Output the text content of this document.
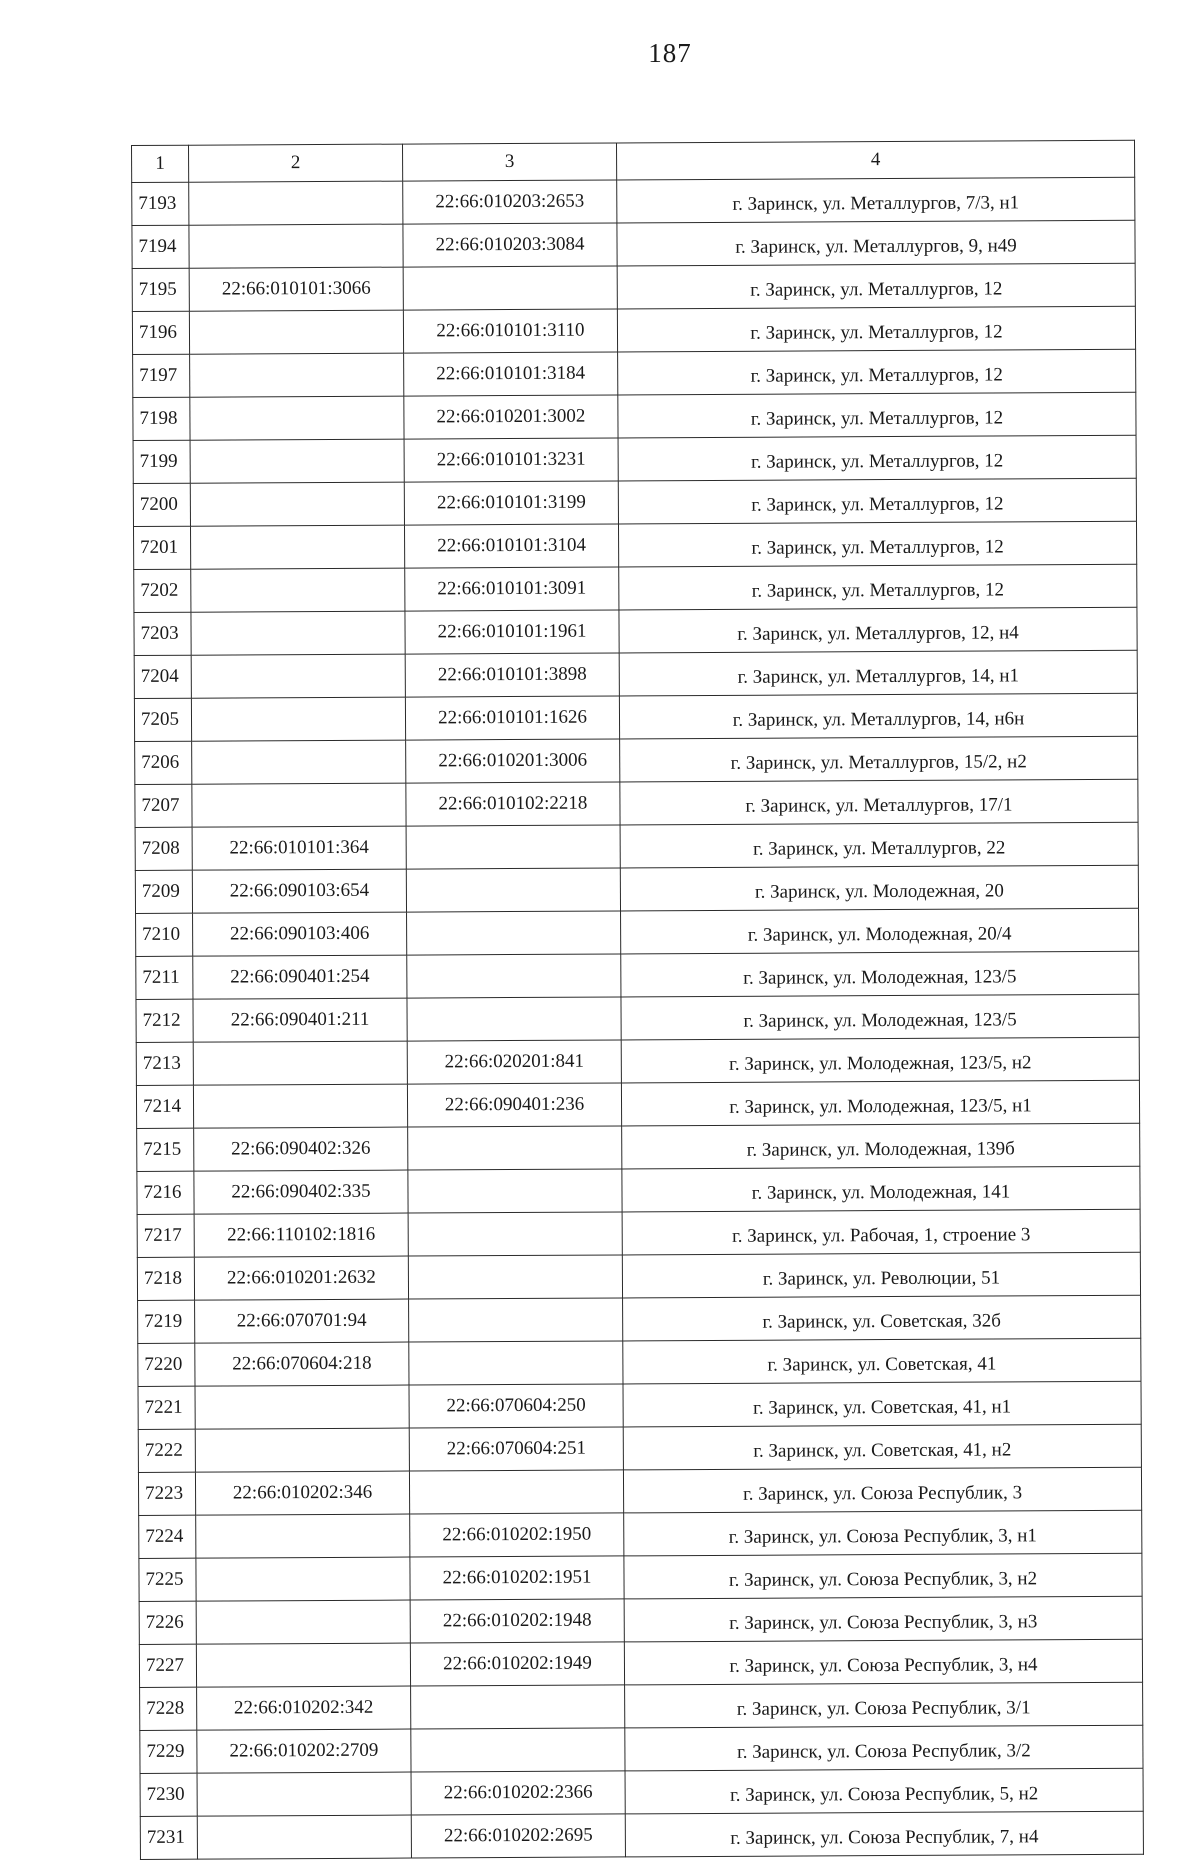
187
1	2	3	4
7193		22:66:010203:2653	г. Заринск, ул. Металлургов, 7/3, н1
7194		22:66:010203:3084	г. Заринск, ул. Металлургов, 9, н49
7195	22:66:010101:3066		г. Заринск, ул. Металлургов, 12
7196		22:66:010101:3110	г. Заринск, ул. Металлургов, 12
7197		22:66:010101:3184	г. Заринск, ул. Металлургов, 12
7198		22:66:010201:3002	г. Заринск, ул. Металлургов, 12
7199		22:66:010101:3231	г. Заринск, ул. Металлургов, 12
7200		22:66:010101:3199	г. Заринск, ул. Металлургов, 12
7201		22:66:010101:3104	г. Заринск, ул. Металлургов, 12
7202		22:66:010101:3091	г. Заринск, ул. Металлургов, 12
7203		22:66:010101:1961	г. Заринск, ул. Металлургов, 12, н4
7204		22:66:010101:3898	г. Заринск, ул. Металлургов, 14, н1
7205		22:66:010101:1626	г. Заринск, ул. Металлургов, 14, н6н
7206		22:66:010201:3006	г. Заринск, ул. Металлургов, 15/2, н2
7207		22:66:010102:2218	г. Заринск, ул. Металлургов, 17/1
7208	22:66:010101:364		г. Заринск, ул. Металлургов, 22
7209	22:66:090103:654		г. Заринск, ул. Молодежная, 20
7210	22:66:090103:406		г. Заринск, ул. Молодежная, 20/4
7211	22:66:090401:254		г. Заринск, ул. Молодежная, 123/5
7212	22:66:090401:211		г. Заринск, ул. Молодежная, 123/5
7213		22:66:020201:841	г. Заринск, ул. Молодежная, 123/5, н2
7214		22:66:090401:236	г. Заринск, ул. Молодежная, 123/5, н1
7215	22:66:090402:326		г. Заринск, ул. Молодежная, 139б
7216	22:66:090402:335		г. Заринск, ул. Молодежная, 141
7217	22:66:110102:1816		г. Заринск, ул. Рабочая, 1, строение 3
7218	22:66:010201:2632		г. Заринск, ул. Революции, 51
7219	22:66:070701:94		г. Заринск, ул. Советская, 32б
7220	22:66:070604:218		г. Заринск, ул. Советская, 41
7221		22:66:070604:250	г. Заринск, ул. Советская, 41, н1
7222		22:66:070604:251	г. Заринск, ул. Советская, 41, н2
7223	22:66:010202:346		г. Заринск, ул. Союза Республик, 3
7224		22:66:010202:1950	г. Заринск, ул. Союза Республик, 3, н1
7225		22:66:010202:1951	г. Заринск, ул. Союза Республик, 3, н2
7226		22:66:010202:1948	г. Заринск, ул. Союза Республик, 3, н3
7227		22:66:010202:1949	г. Заринск, ул. Союза Республик, 3, н4
7228	22:66:010202:342		г. Заринск, ул. Союза Республик, 3/1
7229	22:66:010202:2709		г. Заринск, ул. Союза Республик, 3/2
7230		22:66:010202:2366	г. Заринск, ул. Союза Республик, 5, н2
7231		22:66:010202:2695	г. Заринск, ул. Союза Республик, 7, н4
